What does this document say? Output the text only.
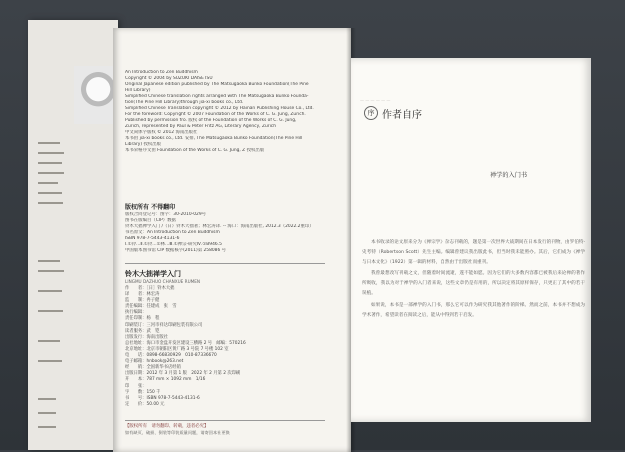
An Introduction to Zen Buddhism
Copyright © 2004 by SUZUKI DAISETSU
Original Japanese edition published by The Matsugaoka Bunko Foundation(The Pine
Hill Library)
Simplified Chinese translation rights arranged with The Matsugaoka Bunko Founda-
tion(The Pine Hill Library)through jia-xi books co., Ltd.
Simplified Chinese Translation copyright © 2012 by Hainan Publishing House Co., Ltd.
For the foreword: Copyright © 2007 Foundation of the Works of C. G. Jung, Zürich.
Published by permission fro. 版权 of the Foundation of the Works of C. G. Jung,
Zürich, represented by Paul & Peter Fritz AG, Literary Agency, Zürich
中文简体字版权 © 2012 海南出版社
本书由 jia-xi books co., Ltd. 安排, The Matsugaoka Bunko Foundation(The Pine Hill
Library) 授权出版
本书荣格序文由 Foundation of the Works of C. G. Jung, Z 授权出版
版权所有 不得翻印
版权合同登记号：图字：30-2010-029号
图书在版编目（CIP）数据
铃木大拙禅学入门 /（日）铃木大拙著；林宏涛译. -- 海口：海南出版社, 2012.3（2022.2重印）
书名原文：An Introduction to Zen Buddhism
ISBN 978-7-5443-4131-6
Ⅰ.①铃…Ⅱ.①铃…②林…Ⅲ.①禅宗-研究Ⅳ.①B946.5
中国版本图书馆 CIP 数据核字(2011)第 258086 号
铃木大拙禅学入门
LINGMU DAZHUO CHANXUE RUMEN
作　　者：［日］铃木大拙
译　　者：林宏涛
监　　制：冉子健
责任编辑：任建成　张　雪
执行编辑：
责任印制：杨　程
印刷装订：三河市祥达印刷包装有限公司
读者服务：武　铠
出版发行：海南出版社
总社地址：海口市金盘开发区建设三横路 2 号　邮编：570216
北京地址：北京市朝阳区黄厂路 3 号院 7 号楼 102 室
电　　话：0898-66830929　010-87336670
电子邮箱：hnbook@263.net
经　　销：全国新华书店经销
出版日期：2012 年 3 月第 1 版　2022 年 2 月第 2 次印刷
开　　本：787 mm × 1092 mm　1/16
印　　张：
字　　数：150 千
书　　号：ISBN 978-7-5443-4131-6
定　　价：50.00 元
【版权所有　请勿翻印、转载，违者必究】
如有缺页、破损、倒装等印装质量问题，请寄回本社更换
— — — — — —
序 作者自序
禅学的入门书

本书收录的论文原来分为《禅宗学》杂志刊载的，题是第一次世界大战期间在日本发行的刊物，由罗伯特·史考特（Robertson Scott）先生主编。编辑曾建议我出版此书，但当时我未能照办。其后，它们成为《禅学与日本文化》（1922）第一辑的材料，自然由于出版社而重刊。

我曾最想改写刊载之文，但随着时间流逝，遂不能如愿。因为它们的大多数内容都已被我后来论禅的著作所吸收，我以为对于禅学的入门者来说，这些文章仍是有用的，所以决定将其原样保存，只更正了其中的若干误植。

如果说，本书是一部禅学的入门书，那么它可以作为研究我其他著作的阶梯。然而之前，本书并不想成为学术著作，希望读者在阅读之后，能从中得到若干启发。
